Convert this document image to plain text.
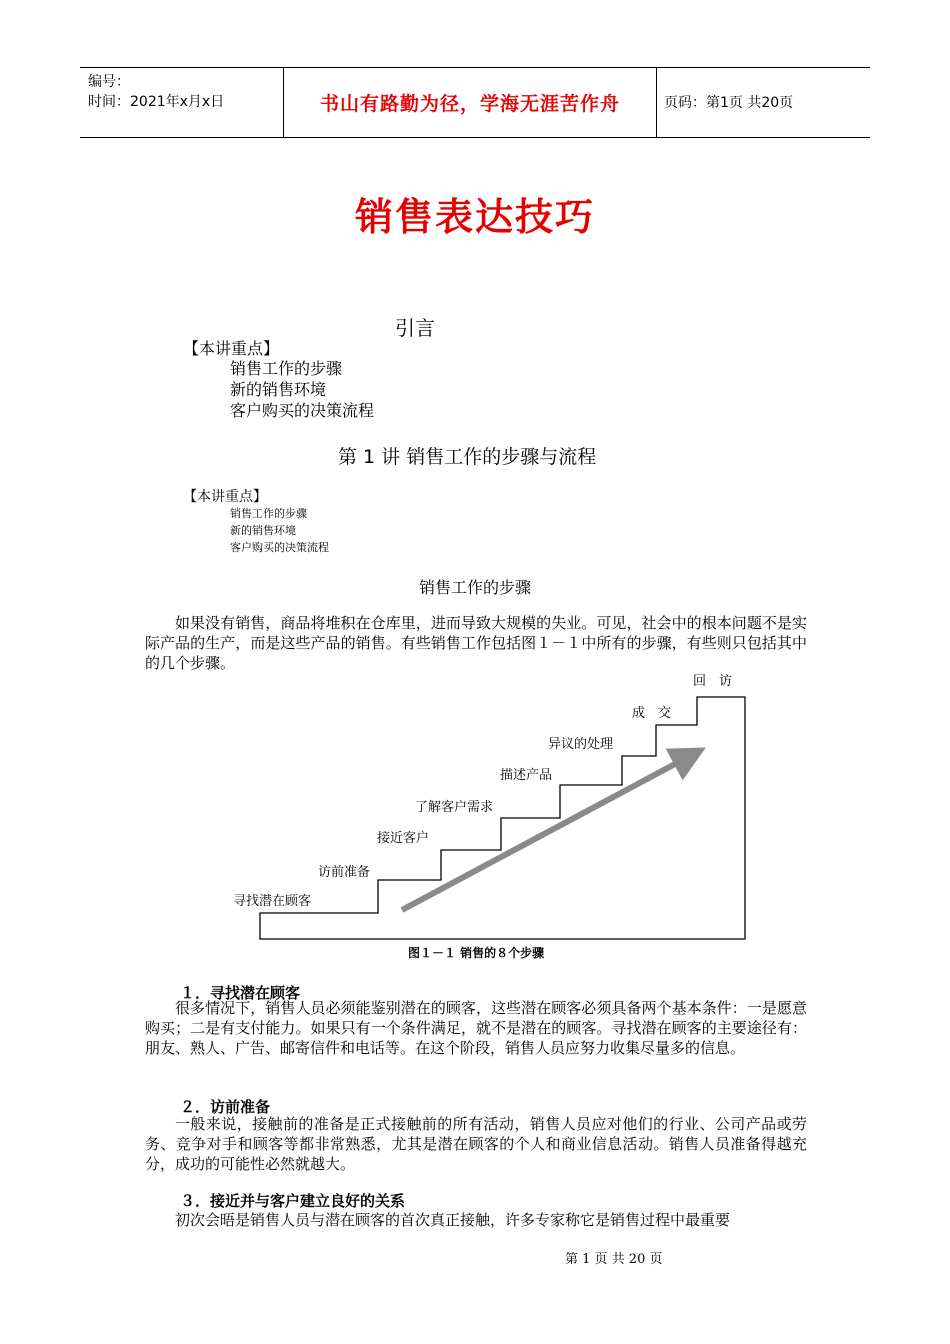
编号：
时间：2021年x月x日	书山有路勤为径，学海无涯苦作舟	页码：第1页 共20页
销售表达技巧
引言
【本讲重点】
销售工作的步骤
新的销售环境
客户购买的决策流程
第 1 讲 销售工作的步骤与流程
【本讲重点】
销售工作的步骤
新的销售环境
客户购买的决策流程
销售工作的步骤
如果没有销售，商品将堆积在仓库里，进而导致大规模的失业。可见，社会中的根本问题不是实际产品的生产，而是这些产品的销售。有些销售工作包括图１－１中所有的步骤，有些则只包括其中的几个步骤。
寻找潜在顾客
访前准备
接近客户
了解客户需求
描述产品
异议的处理
成　交
回　访
图１－１ 销售的８个步骤
１．寻找潜在顾客
很多情况下，销售人员必须能鉴别潜在的顾客，这些潜在顾客必须具备两个基本条件：一是愿意购买；二是有支付能力。如果只有一个条件满足，就不是潜在的顾客。寻找潜在顾客的主要途径有：朋友、熟人、广告、邮寄信件和电话等。在这个阶段，销售人员应努力收集尽量多的信息。
２．访前准备
一般来说，接触前的准备是正式接触前的所有活动，销售人员应对他们的行业、公司产品或劳务、竞争对手和顾客等都非常熟悉，尤其是潜在顾客的个人和商业信息活动。销售人员准备得越充分，成功的可能性必然就越大。
３．接近并与客户建立良好的关系
初次会晤是销售人员与潜在顾客的首次真正接触，许多专家称它是销售过程中最重要
第 1 页 共 20 页
